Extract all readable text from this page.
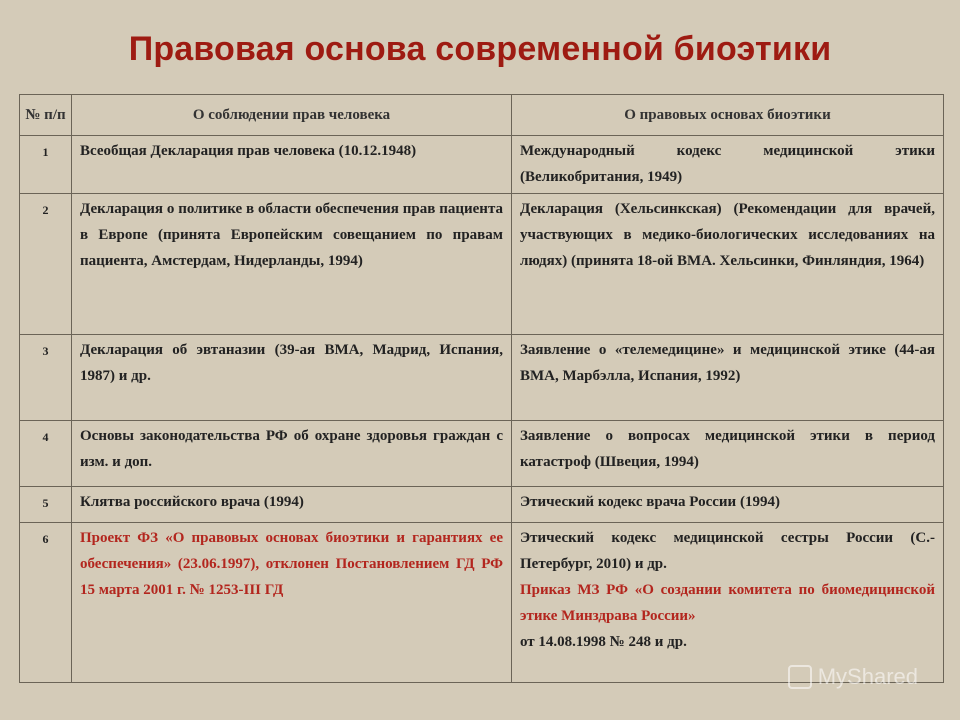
Правовая основа современной биоэтики
№ п/п	О соблюдении прав человека	О правовых основах биоэтики
1	Всеобщая Декларация прав человека (10.12.1948)	Международный кодекс медицинской этики (Великобритания, 1949)
2	Декларация о политике в области обеспечения прав пациента в Европе (принята Европейским совещанием по правам пациента, Амстердам, Нидерланды, 1994)	Декларация (Хельсинкская) (Рекомендации для врачей, участвующих в медико-биологических исследованиях на людях) (принята 18-ой ВМА. Хельсинки, Финляндия, 1964)
3	Декларация об эвтаназии (39-ая ВМА, Мадрид, Испания, 1987) и др.	Заявление о «телемедицине» и медицинской этике (44-ая ВМА, Марбэлла, Испания, 1992)
4	Основы законодательства РФ об охране здоровья граждан с изм. и доп.	Заявление о вопросах медицинской этики в период катастроф (Швеция, 1994)
5	Клятва российского врача (1994)	Этический кодекс врача России (1994)
6	Проект ФЗ «О правовых основах биоэтики и гарантиях ее обеспечения» (23.06.1997), отклонен Постановлением ГД РФ 15 марта 2001 г. № 1253-III ГД	Этический кодекс медицинской сестры России (С.-Петербург, 2010) и др.
Приказ МЗ РФ «О создании комитета по биомедицинской этике Минздрава России»
от 14.08.1998 № 248 и др.
MyShared
